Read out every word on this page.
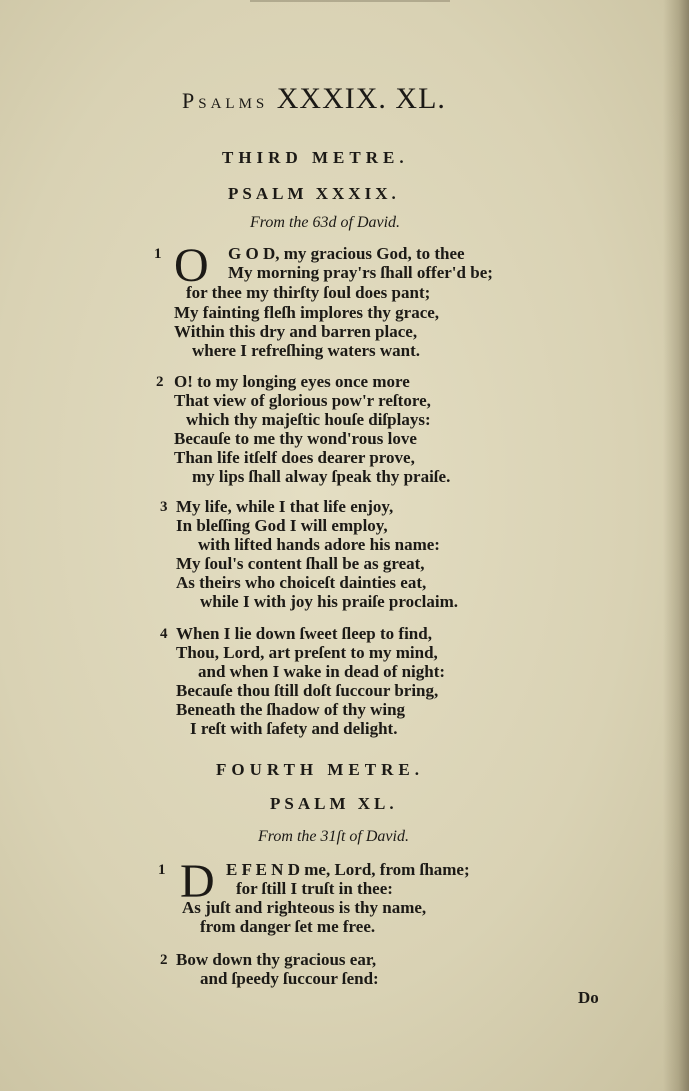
Psalms XXXIX. XL.
THIRD METRE.
PSALM XXXIX.
From the 63d of David.
1 O G O D, my gracious God, to thee
My morning pray'rs ſhall offer'd be;
for thee my thirſty ſoul does pant;
My fainting fleſh implores thy grace,
Within this dry and barren place,
where I refreſhing waters want.
2 O! to my longing eyes once more
That view of glorious pow'r reſtore,
which thy majeſtic houſe diſplays:
Becauſe to me thy wond'rous love
Than life itſelf does dearer prove,
my lips ſhall alway ſpeak thy praiſe.
3 My life, while I that life enjoy,
In bleſſing God I will employ,
with lifted hands adore his name:
My ſoul's content ſhall be as great,
As theirs who choiceſt dainties eat,
while I with joy his praiſe proclaim.
4 When I lie down ſweet ſleep to find,
Thou, Lord, art preſent to my mind,
and when I wake in dead of night:
Becauſe thou ſtill doſt ſuccour bring,
Beneath the ſhadow of thy wing
I reſt with ſafety and delight.
FOURTH METRE.
PSALM XL.
From the 31ſt of David.
1 D E F E N D me, Lord, from ſhame;
for ſtill I truſt in thee:
As juſt and righteous is thy name,
from danger ſet me free.
2 Bow down thy gracious ear,
and ſpeedy ſuccour ſend:
Do
